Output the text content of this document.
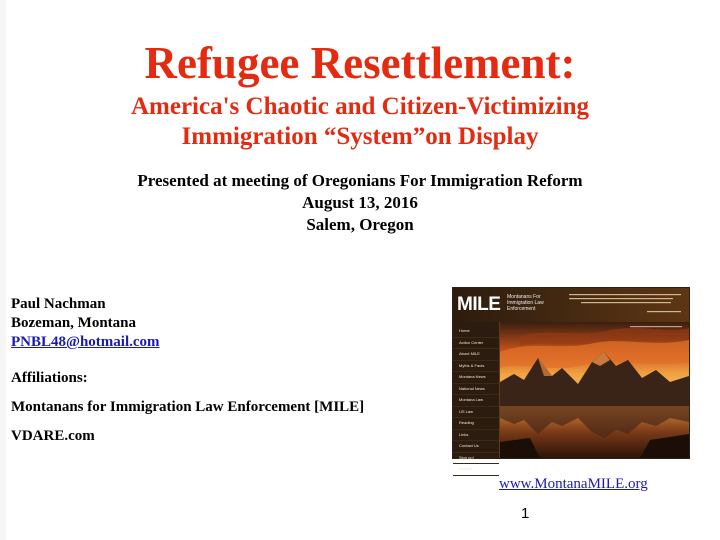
Refugee Resettlement:
America's Chaotic and Citizen-Victimizing
Immigration “System”on Display
Presented at meeting of Oregonians For Immigration Reform
August 13, 2016
Salem, Oregon
Paul Nachman
Bozeman, Montana
PNBL48@hotmail.com
Affiliations:
Montanans for Immigration Law Enforcement [MILE]
VDARE.com
MILE	Montanans For Immigration Law Enforcement
Home
Action Center
About MILE
Myths & Facts
Montana News
National News
Montana Law
US Law
Reading
Links
Contact Us
Sign up!
Donate
www.MontanaMILE.org
1
